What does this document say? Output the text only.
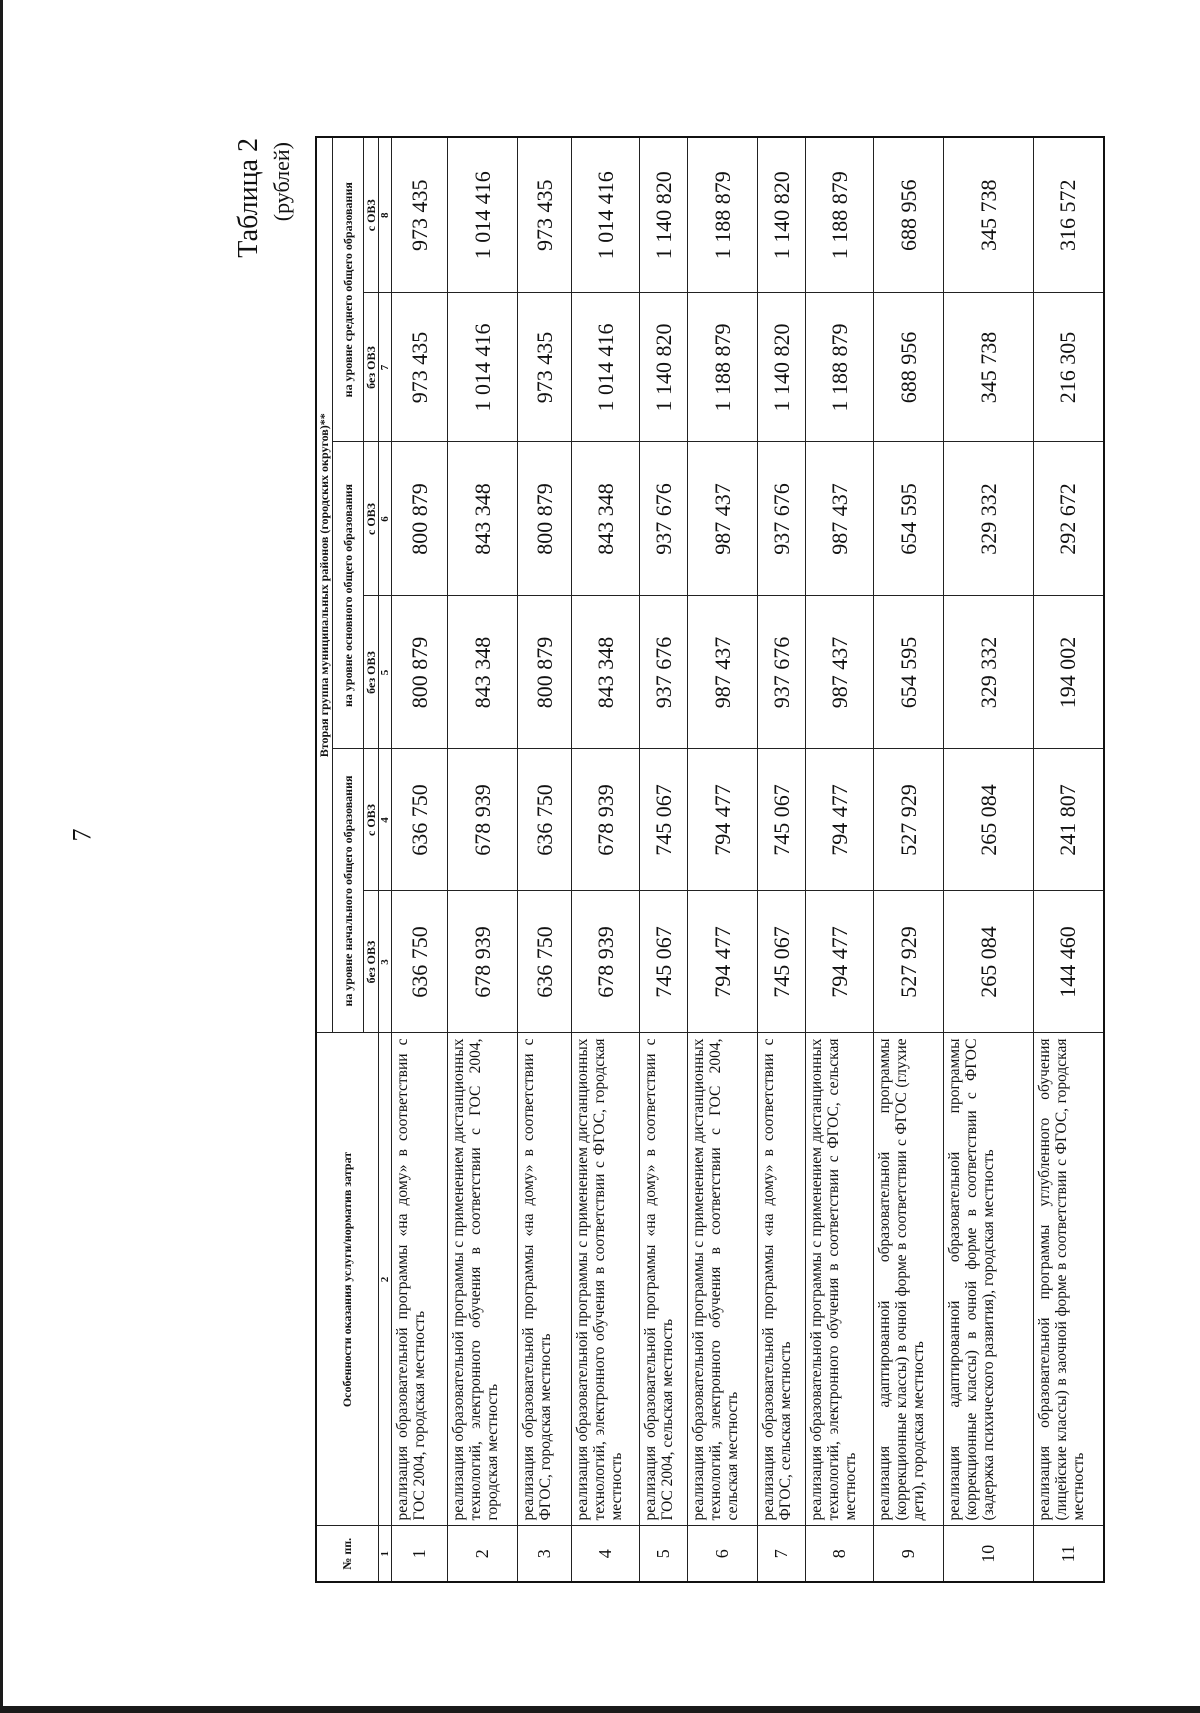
7
Таблица 2 (рублей)
№ пп.	Особенности оказания услуги/норматив затрат	Вторая группа муниципальных районов (городских округов)**					
		на уровне начального общего образования		на уровне основного общего образования		на уровне среднего общего образования	
		без ОВЗ	с ОВЗ	без ОВЗ	с ОВЗ	без ОВЗ	с ОВЗ
1	2	3	4	5	6	7	8
1	реализация образовательной программы «на дому» в соответствии с ГОС 2004, городская местность	636 750	636 750	800 879	800 879	973 435	973 435
2	реализация образовательной программы с применением дистанционных технологий, электронного обучения в соответствии с ГОС 2004, городская местность	678 939	678 939	843 348	843 348	1 014 416	1 014 416
3	реализация образовательной программы «на дому» в соответствии с ФГОС, городская местность	636 750	636 750	800 879	800 879	973 435	973 435
4	реализация образовательной программы с применением дистанционных технологий, электронного обучения в соответствии с ФГОС, городская местность	678 939	678 939	843 348	843 348	1 014 416	1 014 416
5	реализация образовательной программы «на дому» в соответствии с ГОС 2004, сельская местность	745 067	745 067	937 676	937 676	1 140 820	1 140 820
6	реализация образовательной программы с применением дистанционных технологий, электронного обучения в соответствии с ГОС 2004, сельская местность	794 477	794 477	987 437	987 437	1 188 879	1 188 879
7	реализация образовательной программы «на дому» в соответствии с ФГОС, сельская местность	745 067	745 067	937 676	937 676	1 140 820	1 140 820
8	реализация образовательной программы с применением дистанционных технологий, электронного обучения в соответствии с ФГОС, сельская местность	794 477	794 477	987 437	987 437	1 188 879	1 188 879
9	реализация адаптированной образовательной программы (коррекционные классы) в очной форме в соответствии с ФГОС (глухие дети), городская местность	527 929	527 929	654 595	654 595	688 956	688 956
10	реализация адаптированной образовательной программы (коррекционные классы) в очной форме в соответствии с ФГОС (задержка психического развития), городская местность	265 084	265 084	329 332	329 332	345 738	345 738
11	реализация образовательной программы углубленного обучения (лицейские классы) в заочной форме в соответствии с ФГОС, городская местность	144 460	241 807	194 002	292 672	216 305	316 572
